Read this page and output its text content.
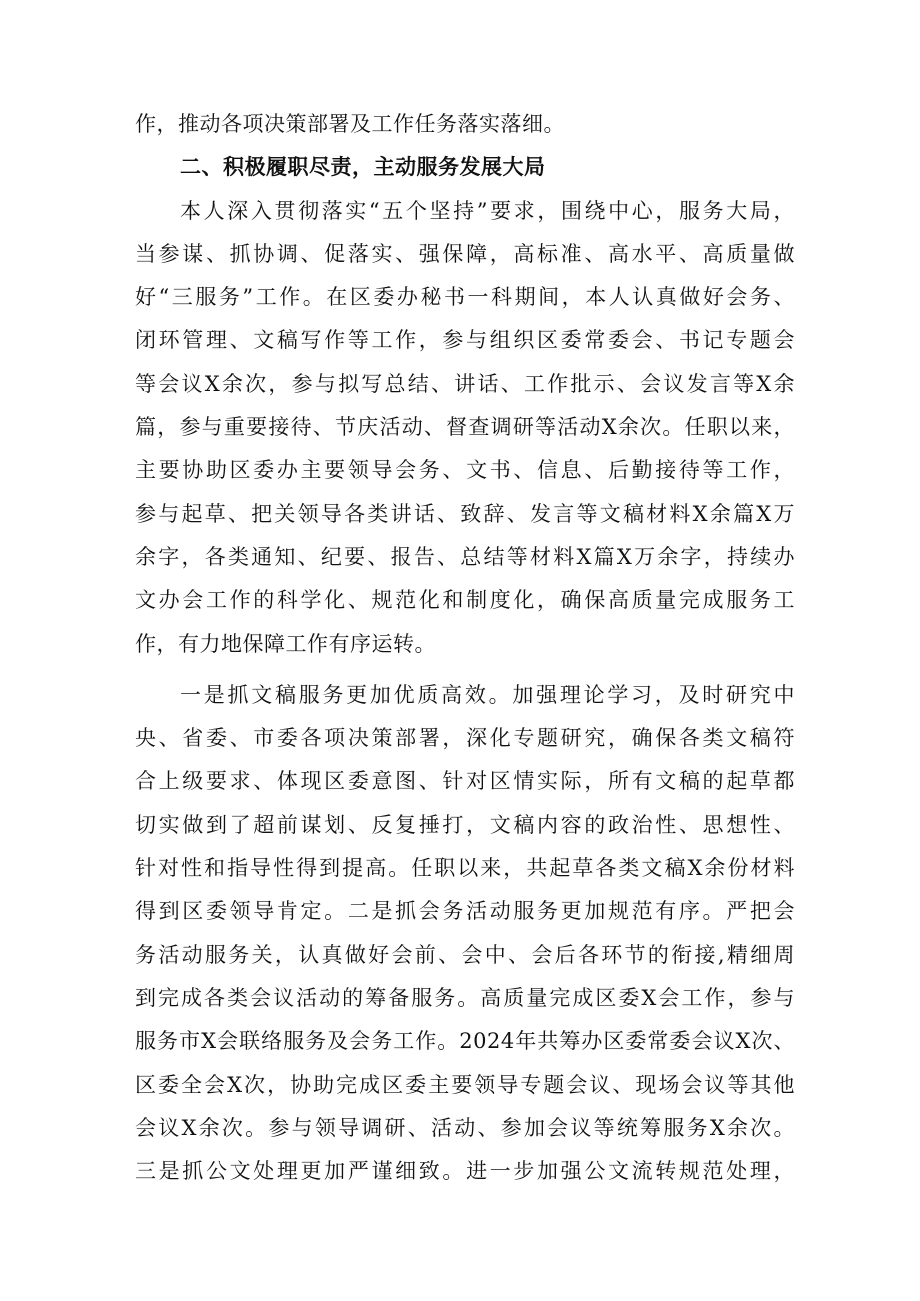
作，推动各项决策部署及工作任务落实落细。
二、积极履职尽责，主动服务发展大局
本人深入贯彻落实“五个坚持”要求，围绕中心，服务大局，
当参谋、抓协调、促落实、强保障，高标准、高水平、高质量做
好“三服务”工作。在区委办秘书一科期间，本人认真做好会务、
闭环管理、文稿写作等工作，参与组织区委常委会、书记专题会
等会议X余次，参与拟写总结、讲话、工作批示、会议发言等X余
篇，参与重要接待、节庆活动、督查调研等活动X余次。任职以来，
主要协助区委办主要领导会务、文书、信息、后勤接待等工作，
参与起草、把关领导各类讲话、致辞、发言等文稿材料X余篇X万
余字，各类通知、纪要、报告、总结等材料X篇X万余字，持续办
文办会工作的科学化、规范化和制度化，确保高质量完成服务工
作，有力地保障工作有序运转。
一是抓文稿服务更加优质高效。加强理论学习，及时研究中
央、省委、市委各项决策部署，深化专题研究，确保各类文稿符
合上级要求、体现区委意图、针对区情实际，所有文稿的起草都
切实做到了超前谋划、反复捶打，文稿内容的政治性、思想性、
针对性和指导性得到提高。任职以来，共起草各类文稿X余份材料
得到区委领导肯定。二是抓会务活动服务更加规范有序。严把会
务活动服务关，认真做好会前、会中、会后各环节的衔接,精细周
到完成各类会议活动的筹备服务。高质量完成区委X会工作，参与
服务市X会联络服务及会务工作。2024年共筹办区委常委会议X次、
区委全会X次，协助完成区委主要领导专题会议、现场会议等其他
会议X余次。参与领导调研、活动、参加会议等统筹服务X余次。
三是抓公文处理更加严谨细致。进一步加强公文流转规范处理，
